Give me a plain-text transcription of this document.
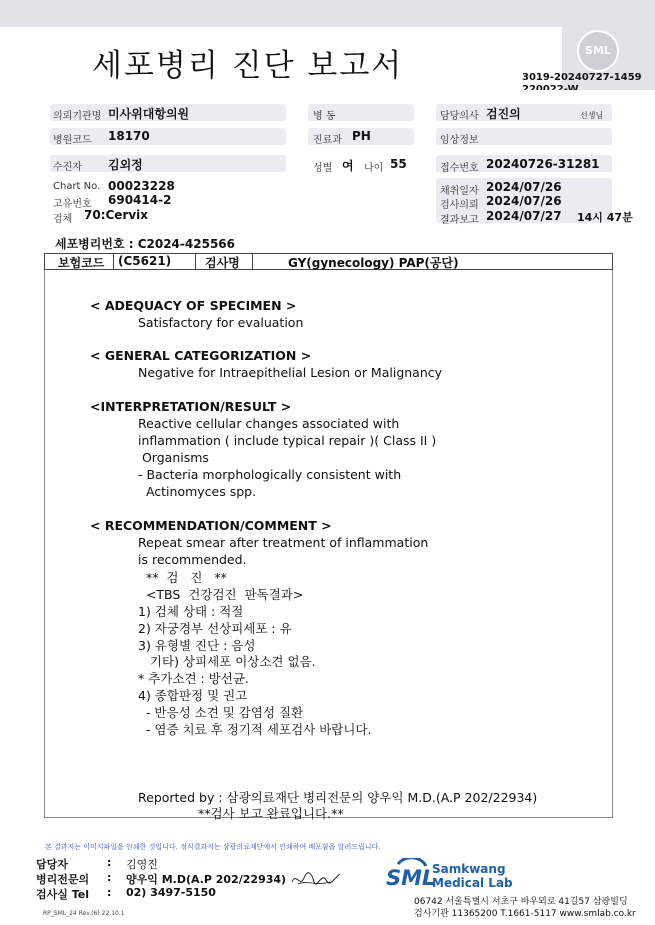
세포병리 진단 보고서	SML
3019-20240727-1459
의뢰기관명 미사위대항의원	병 동	담당의사 검진의	선생님
병원코드 18170	진료과 PH	임상정보
수진자 김외정	성별 여 나이 55	접수번호 20240726-31281
Chart No. 00023228
고유번호 690414-2
검체 70:Cervix
채취일자 2024/07/26
검사의뢰 2024/07/26
결과보고 2024/07/27 14시 47분
세포병리번호 : C2024-425566
보험코드 (C5621)	검사명	GY(gynecology) PAP(공단)
< ADEQUACY OF SPECIMEN >
Satisfactory for evaluation
< GENERAL CATEGORIZATION >
Negative for Intraepithelial Lesion or Malignancy
<INTERPRETATION/RESULT >
Reactive cellular changes associated with
inflammation ( include typical repair )( Class II )
Organisms
- Bacteria morphologically consistent with
Actinomyces spp.
< RECOMMENDATION/COMMENT >
Repeat smear after treatment of inflammation
is recommended.
**  검   진   **
<TBS  건강검진  판독결과>
1) 검체 상태 : 적절
2) 자궁경부 선상피세포 : 유
3) 유형별 진단 : 음성
기타) 상피세포 이상소견 없음.
* 추가소견 : 방선균.
4) 종합판정 및 권고
- 반응성 소견 및 감염성 질환
- 염증 치료 후 정기적 세포검사 바랍니다.
Reported by : 삼광의료재단 병리전문의 양우익 M.D.(A.P 202/22934)
**검사 보고 완료입니다.**
본 결과지는 이미지파일을 인쇄한 것입니다. 정식결과지는 삼광의료재단에서 인쇄하여 배포함을 알려드립니다.
담당자	: 김영진
병리전문의 : 양우익 M.D(A.P 202/22934)
검사실 Tel : 02) 3497-5150
RP_SML_24 Rev.(6) 22.10.1
SML
Samkwang
Medical Lab
06742 서울특별시 서초구 바우뫼로 41길57 삼광빌딩
검사기관 11365200 T.1661-5117 www.smlab.co.kr
